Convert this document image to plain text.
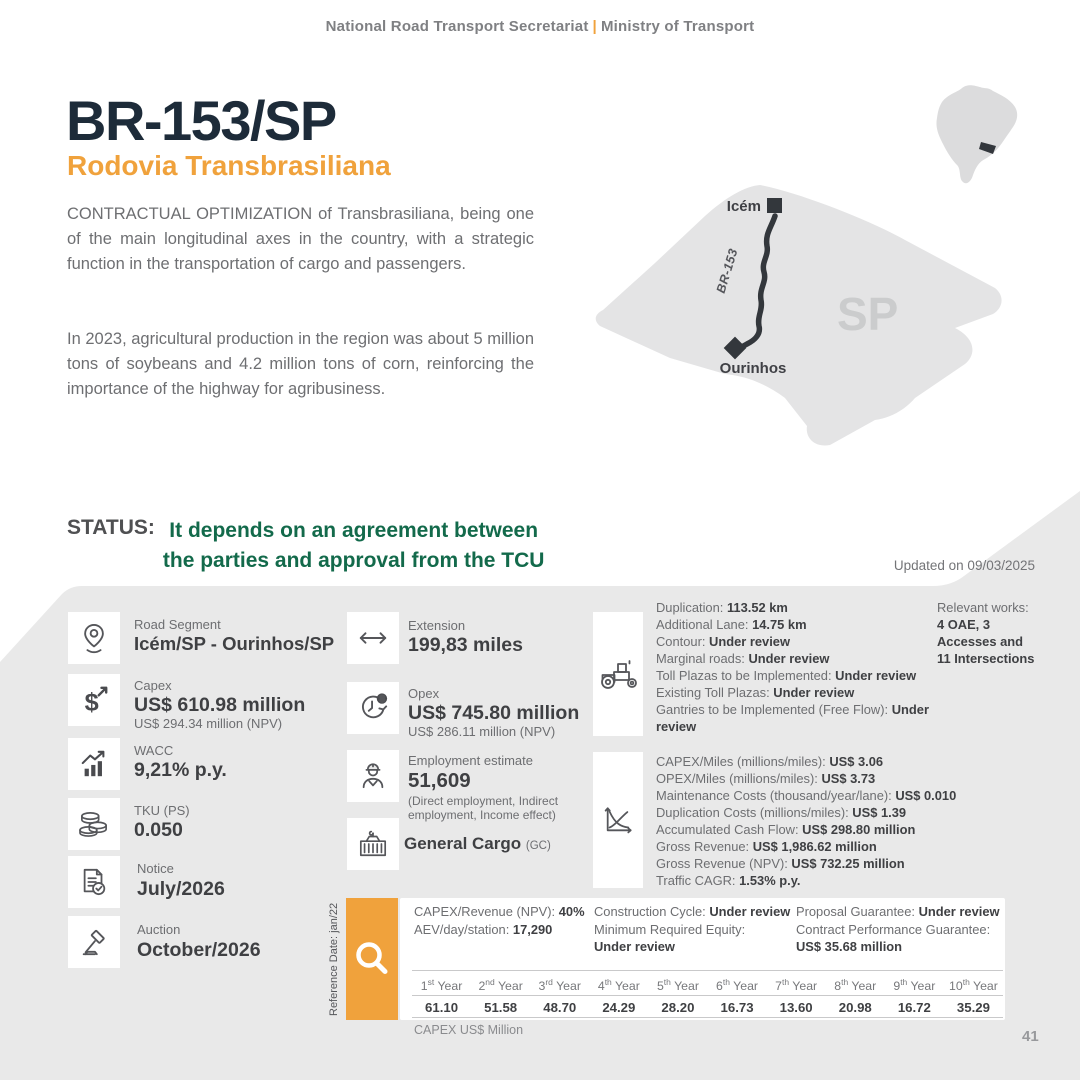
National Road Transport Secretariat | Ministry of Transport
BR-153/SP
Rodovia Transbrasiliana
CONTRACTUAL OPTIMIZATION of Transbrasiliana, being one of the main longitudinal axes in the country, with a strategic function in the transportation of cargo and passengers.
In 2023, agricultural production in the region was about 5 million tons of soybeans and 4.2 million tons of corn, reinforcing the importance of the highway for agribusiness.
SP
Icém
BR-153
Ourinhos
STATUS: It depends on an agreement between
the parties and approval from the TCU	Updated on 09/03/2025
Road Segment
Icém/SP - Ourinhos/SP
$
Capex
US$ 610.98 million
US$ 294.34 million (NPV)
WACC
9,21% p.y.
TKU (PS)
0.050
Notice
July/2026
Auction
October/2026
Extension
199,83 miles
$ Opex
US$ 745.80 million
US$ 286.11 million (NPV)
Employment estimate
51,609
(Direct employment, Indirect
employment, Income effect)
General Cargo (GC)
Duplication: 113.52 km
Additional Lane: 14.75 km
Contour: Under review
Marginal roads: Under review
Toll Plazas to be Implemented: Under review
Existing Toll Plazas: Under review
Gantries to be Implemented (Free Flow): Under review
Relevant works:
4 OAE, 3
Accesses and
11 Intersections
CAPEX/Miles (millions/miles): US$ 3.06
OPEX/Miles (millions/miles): US$ 3.73
Maintenance Costs (thousand/year/lane): US$ 0.010
Duplication Costs (millions/miles): US$ 1.39
Accumulated Cash Flow: US$ 298.80 million
Gross Revenue: US$ 1,986.62 million
Gross Revenue (NPV): US$ 732.25 million
Traffic CAGR: 1.53% p.y.
Reference Date: jan/22	CAPEX/Revenue (NPV): 40%
AEV/day/station: 17,290
Construction Cycle: Under review
Minimum Required Equity:
Under review
Proposal Guarantee: Under review
Contract Performance Guarantee:
US$ 35.68 million
1st Year	2nd Year	3rd Year	4th Year	5th Year	6th Year	7th Year	8th Year	9th Year	10th Year
61.10	51.58	48.70	24.29	28.20	16.73	13.60	20.98	16.72	35.29
CAPEX US$ Million	41
